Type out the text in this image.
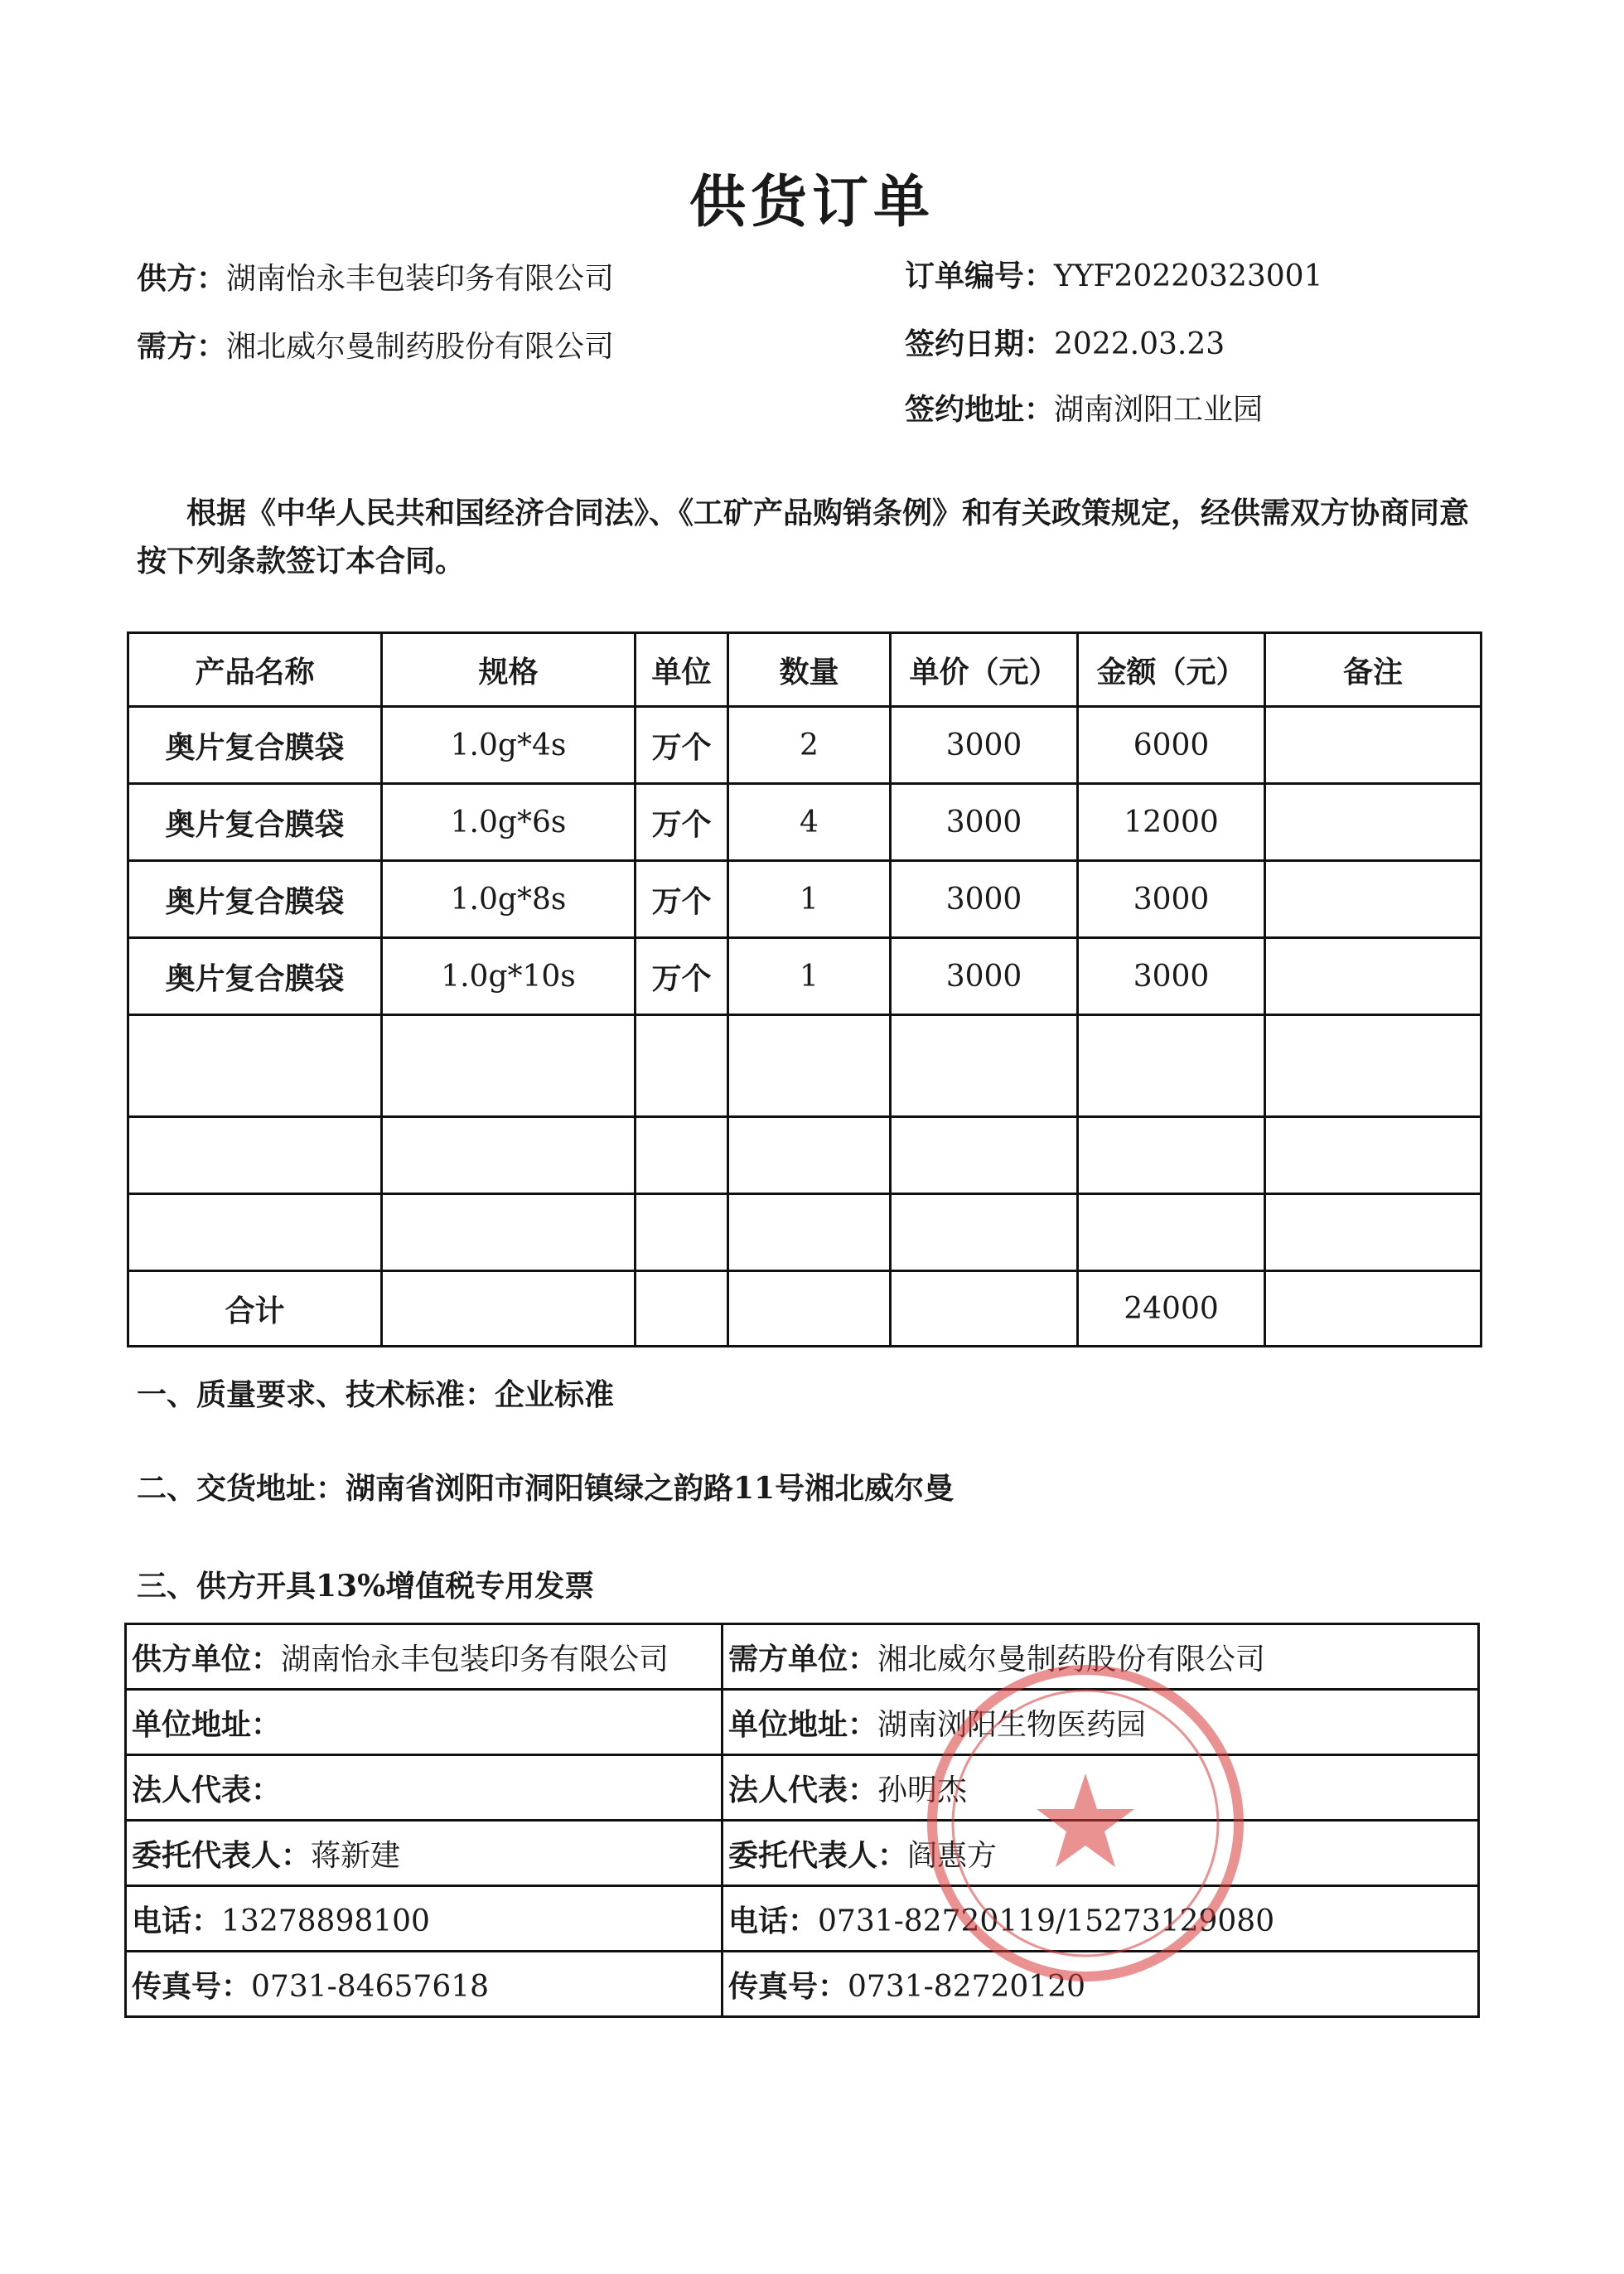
供货订单
供方：湖南怡永丰包装印务有限公司
需方：湘北威尔曼制药股份有限公司
订单编号：YYF20220323001
签约日期：2022.03.23
签约地址：湖南浏阳工业园
根据《中华人民共和国经济合同法》、《工矿产品购销条例》和有关政策规定，经供需双方协商同意按下列条款签订本合同。
产品名称	规格	单位	数量	单价（元）	金额（元）	备注
奥片复合膜袋	1.0g*4s	万个	2	3000	6000	
奥片复合膜袋	1.0g*6s	万个	4	3000	12000	
奥片复合膜袋	1.0g*8s	万个	1	3000	3000	
奥片复合膜袋	1.0g*10s	万个	1	3000	3000	

合计					24000	
一、质量要求、技术标准：企业标准
二、交货地址：湖南省浏阳市洞阳镇绿之韵路11号湘北威尔曼
三、供方开具13%增值税专用发票
供方单位：湖南怡永丰包装印务有限公司	需方单位：湘北威尔曼制药股份有限公司
单位地址：	单位地址：湖南浏阳生物医药园
法人代表：	法人代表：孙明杰
委托代表人：蒋新建	委托代表人：阎惠方
电话：13278898100	电话：0731-82720119/15273129080
传真号：0731-84657618	传真号：0731-82720120
